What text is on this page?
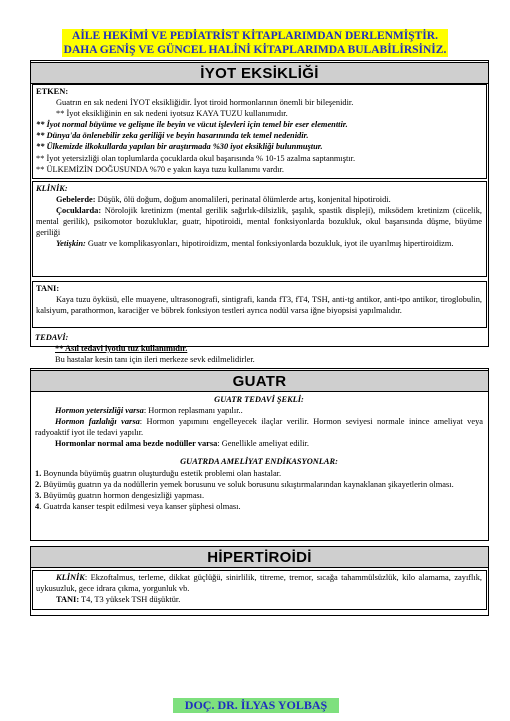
AİLE HEKİMİ VE PEDİATRİST KİTAPLARIMDAN DERLENMİŞTİR.
DAHA GENİŞ VE GÜNCEL HALİNİ KİTAPLARIMDA BULABİLİRSİNİZ.
İYOT EKSİKLİĞİ

ETKEN:

Guatrın en sık nedeni İYOT eksikliğidir. İyot tiroid hormonlarının önemli bir bileşenidir.

** İyot eksikliğinin en sık nedeni iyotsuz KAYA TUZU kullanımıdır.

** İyot normal büyüme ve gelişme ile beyin ve vücut işlevleri için temel bir eser elementtir.

** Dünya'da önlenebilir zeka geriliği ve beyin hasarınında tek temel nedenidir.

** Ülkemizde ilkokullarda yapılan bir araştırmada %30 iyot eksikliği bulunmuştur.

** İyot yetersizliği olan toplumlarda çocuklarda okul başarısında % 10-15 azalma saptanmıştır.

** ÜLKEMİZİN DOĞUSUNDA %70 e yakın kaya tuzu kullanımı vardır.

KLİNİK:

Gebelerde: Düşük, ölü doğum, doğum anomalileri, perinatal ölümlerde artış, konjenital hipotiroidi.

Çocuklarda: Nörolojik kretinizm (mental gerilik sağırlık-dilsizlik, şaşılık, spastik displeji), miksödem kretinizm (cücelik, mental gerilik), psikomotor bozukluklar, guatr, hipotiroidi, mental fonksiyonlarda bozukluk, okul başarısında düşme, büyüme geriliği

Yetişkin: Guatr ve komplikasyonları, hipotiroidizm, mental fonksiyonlarda bozukluk, iyot ile uyarılmış hipertiroidizm.

TANI:

Kaya tuzu öyküsü, elle muayene, ultrasonografi, sintigrafi, kanda fT3, fT4, TSH, anti-tg antikor, anti-tpo antikor, tiroglobulin, kalsiyum, parathormon, karaciğer ve böbrek fonksiyon testleri ayrıca nodül varsa iğne biyopsisi yapılmalıdır.

TEDAVİ:

** Asıl tedavi iyotlu tuz kullanımıdır.

Bu hastalar kesin tanı için ileri merkeze sevk edilmelidirler.

GUATR

GUATR TEDAVİ ŞEKLİ:

Hormon yetersizliği varsa: Hormon replasmanı yapılır..

Hormon fazlalığı varsa: Hormon yapımını engelleyecek ilaçlar verilir. Hormon seviyesi normale inince ameliyat veya radyoaktif iyot ile tedavi yapılır.

Hormonlar normal ama bezde nodüller varsa: Genellikle ameliyat edilir.

GUATRDA AMELİYAT ENDİKASYONLAR:

1. Boynunda büyümüş guatrın oluşturduğu estetik problemi olan hastalar.

2. Büyümüş guatrın ya da nodüllerin yemek borusunu ve soluk borusunu sıkıştırmalarından kaynaklanan şikayetlerin olması.

3. Büyümüş guatrın hormon dengesizliği yapması.

4. Guatrda kanser tespit edilmesi veya kanser şüphesi olması.

HİPERTİROİDİ

KLİNİK: Ekzoftalmus, terleme, dikkat güçlüğü, sinirlilik, titreme, tremor, sıcağa tahammülsüzlük, kilo alamama, zayıflık, uykusuzluk, gece idrara çıkma, yorgunluk vb.

TANI: T4, T3 yüksek TSH düşüktür.

DOÇ. DR. İLYAS YOLBAŞ
